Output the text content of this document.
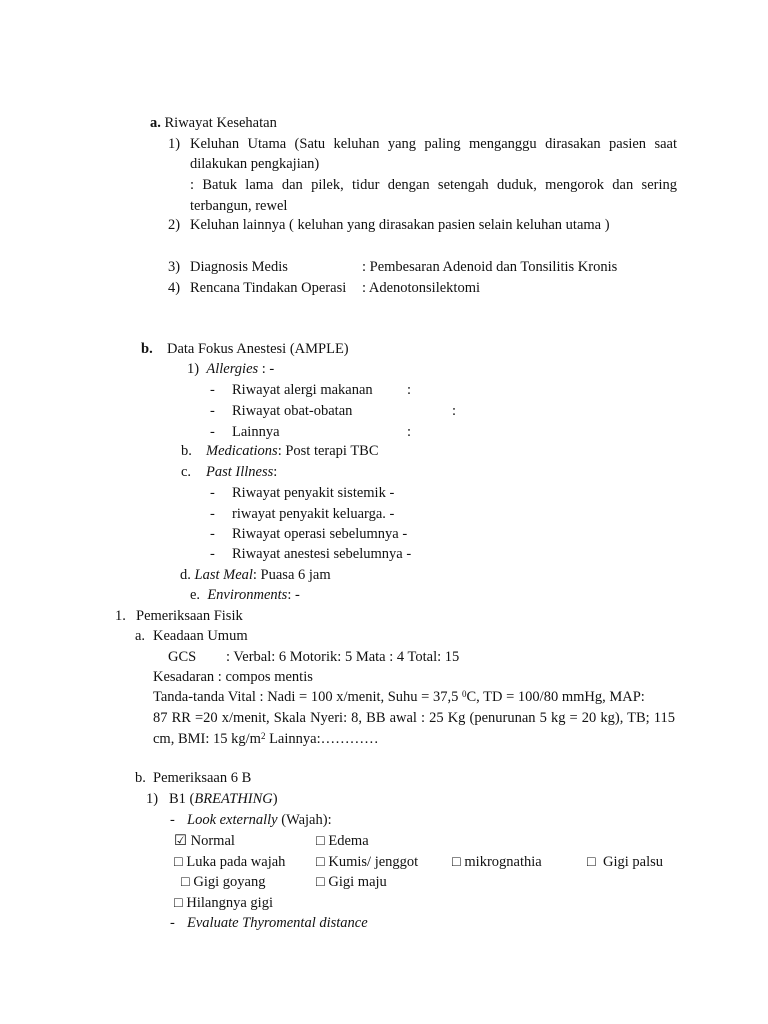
a. Riwayat Kesehatan
1) Keluhan Utama (Satu keluhan yang paling menganggu dirasakan pasien saat
dilakukan pengkajian)
: Batuk lama dan pilek, tidur dengan setengah duduk, mengorok dan sering
terbangun, rewel
2) Keluhan lainnya ( keluhan yang dirasakan pasien selain keluhan utama )
3) Diagnosis Medis	: Pembesaran Adenoid dan Tonsilitis Kronis
4) Rencana Tindakan Operasi : Adenotonsilektomi
b. Data Fokus Anestesi (AMPLE)
1) Allergies : -
- Riwayat alergi makanan :
- Riwayat obat-obatan	:
- Lainnya	:
b. Medications: Post terapi TBC
c. Past Illness:
- Riwayat penyakit sistemik -
- riwayat penyakit keluarga. -
- Riwayat operasi sebelumnya -
- Riwayat anestesi sebelumnya -
d. Last Meal: Puasa 6 jam
e. Environments: -
1. Pemeriksaan Fisik
a. Keadaan Umum
GCS : Verbal: 6 Motorik: 5 Mata : 4 Total: 15
Kesadaran : compos mentis
Tanda-tanda Vital : Nadi = 100 x/menit, Suhu = 37,5 $^0$C, TD = 100/80 mmHg, MAP:
87 RR =20 x/menit, Skala Nyeri: 8, BB awal : 25 Kg (penurunan 5 kg = 20 kg), TB; 115
cm, BMI: 15 $kg/m^2$ Lainnya:…………
b. Pemeriksaan 6 B
1) B1 (BREATHING)
- Look externally (Wajah):
☑ Normal	□ Edema
□ Luka pada wajah □ Kumis/ jenggot □ mikrognathia	□ Gigi palsu
□ Gigi goyang	□ Gigi maju
□ Hilangnya gigi
- Evaluate Thyromental distance
